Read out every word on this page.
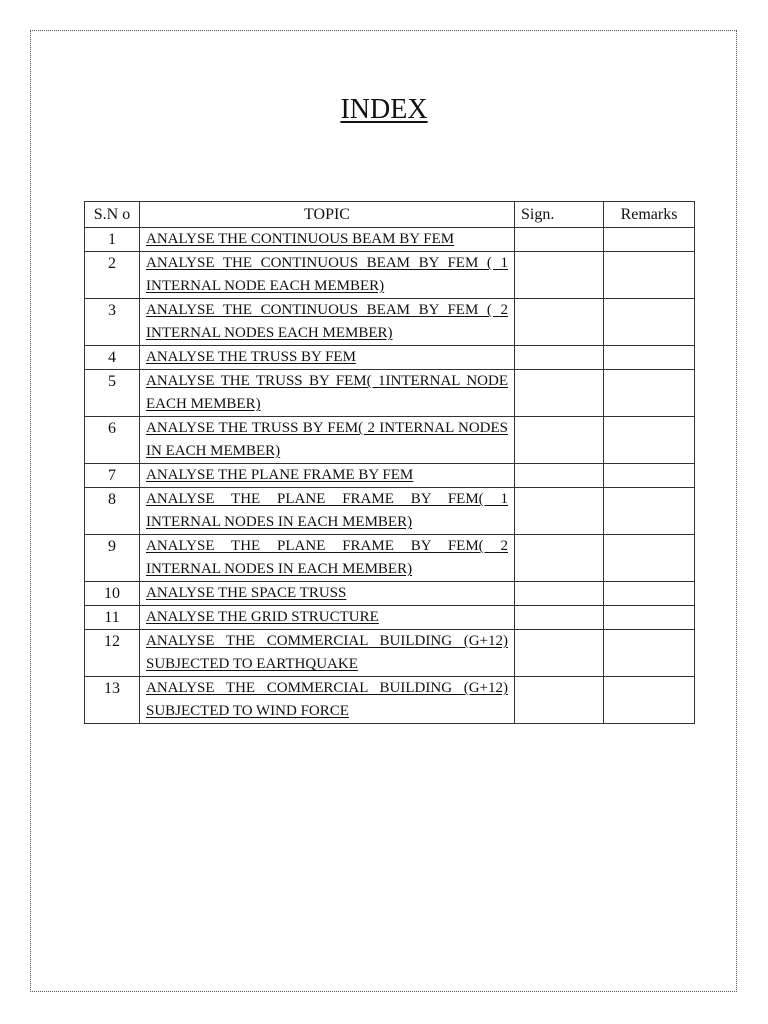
INDEX
S.N o	TOPIC	Sign.	Remarks
1	ANALYSE THE CONTINUOUS BEAM BY FEM		
2	ANALYSE THE CONTINUOUS BEAM BY FEM ( 1 INTERNAL NODE EACH MEMBER)		
3	ANALYSE THE CONTINUOUS BEAM BY FEM ( 2 INTERNAL NODES EACH MEMBER)		
4	ANALYSE THE TRUSS BY FEM		
5	ANALYSE THE TRUSS BY FEM( 1INTERNAL NODE EACH MEMBER)		
6	ANALYSE THE TRUSS BY FEM( 2 INTERNAL NODES IN EACH MEMBER)		
7	ANALYSE THE PLANE FRAME BY FEM		
8	ANALYSE THE PLANE FRAME BY FEM( 1 INTERNAL NODES IN EACH MEMBER)		
9	ANALYSE THE PLANE FRAME BY FEM( 2 INTERNAL NODES IN EACH MEMBER)		
10	ANALYSE THE SPACE TRUSS		
11	ANALYSE THE GRID STRUCTURE		
12	ANALYSE THE COMMERCIAL BUILDING (G+12) SUBJECTED TO EARTHQUAKE		
13	ANALYSE THE COMMERCIAL BUILDING (G+12) SUBJECTED TO WIND FORCE		
